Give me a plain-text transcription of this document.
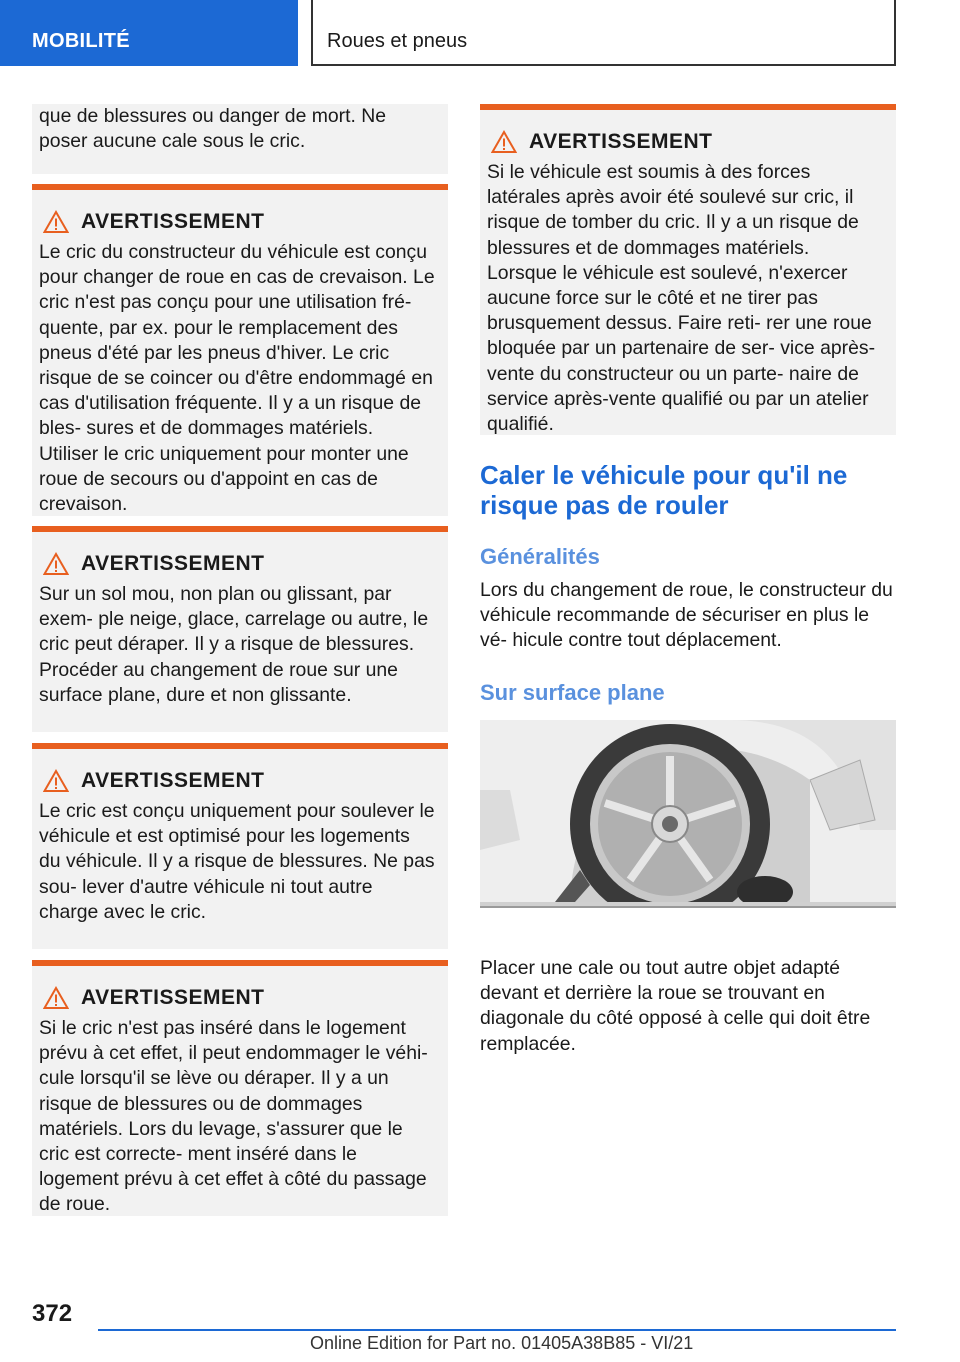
MOBILITÉ	Roues et pneus
que de blessures ou danger de mort. Ne poser aucune cale sous le cric.
AVERTISSEMENT
Le cric du constructeur du véhicule est conçu pour changer de roue en cas de crevaison. Le cric n'est pas conçu pour une utilisation fré- quente, par ex. pour le remplacement des pneus d'été par les pneus d'hiver. Le cric risque de se coincer ou d'être endommagé en cas d'utilisation fréquente. Il y a un risque de bles- sures et de dommages matériels. Utiliser le cric uniquement pour monter une roue de secours ou d'appoint en cas de crevaison.
AVERTISSEMENT
Sur un sol mou, non plan ou glissant, par exem- ple neige, glace, carrelage ou autre, le cric peut déraper. Il y a risque de blessures. Procéder au changement de roue sur une surface plane, dure et non glissante.
AVERTISSEMENT
Le cric est conçu uniquement pour soulever le véhicule et est optimisé pour les logements du véhicule. Il y a risque de blessures. Ne pas sou- lever d'autre véhicule ni tout autre charge avec le cric.
AVERTISSEMENT
Si le cric n'est pas inséré dans le logement prévu à cet effet, il peut endommager le véhi- cule lorsqu'il se lève ou déraper. Il y a un risque de blessures ou de dommages matériels. Lors du levage, s'assurer que le cric est correcte- ment inséré dans le logement prévu à cet effet à côté du passage de roue.
AVERTISSEMENT
Si le véhicule est soumis à des forces latérales après avoir été soulevé sur cric, il risque de tomber du cric. Il y a un risque de blessures et de dommages matériels. Lorsque le véhicule est soulevé, n'exercer aucune force sur le côté et ne tirer pas brusquement dessus. Faire reti- rer une roue bloquée par un partenaire de ser- vice après-vente du constructeur ou un parte- naire de service après-vente qualifié ou par un atelier qualifié.
Caler le véhicule pour qu'il ne risque pas de rouler
Généralités
Lors du changement de roue, le constructeur du véhicule recommande de sécuriser en plus le vé- hicule contre tout déplacement.
Sur surface plane
Placer une cale ou tout autre objet adapté devant et derrière la roue se trouvant en diagonale du côté opposé à celle qui doit être remplacée.
372
Online Edition for Part no. 01405A38B85 - VI/21
